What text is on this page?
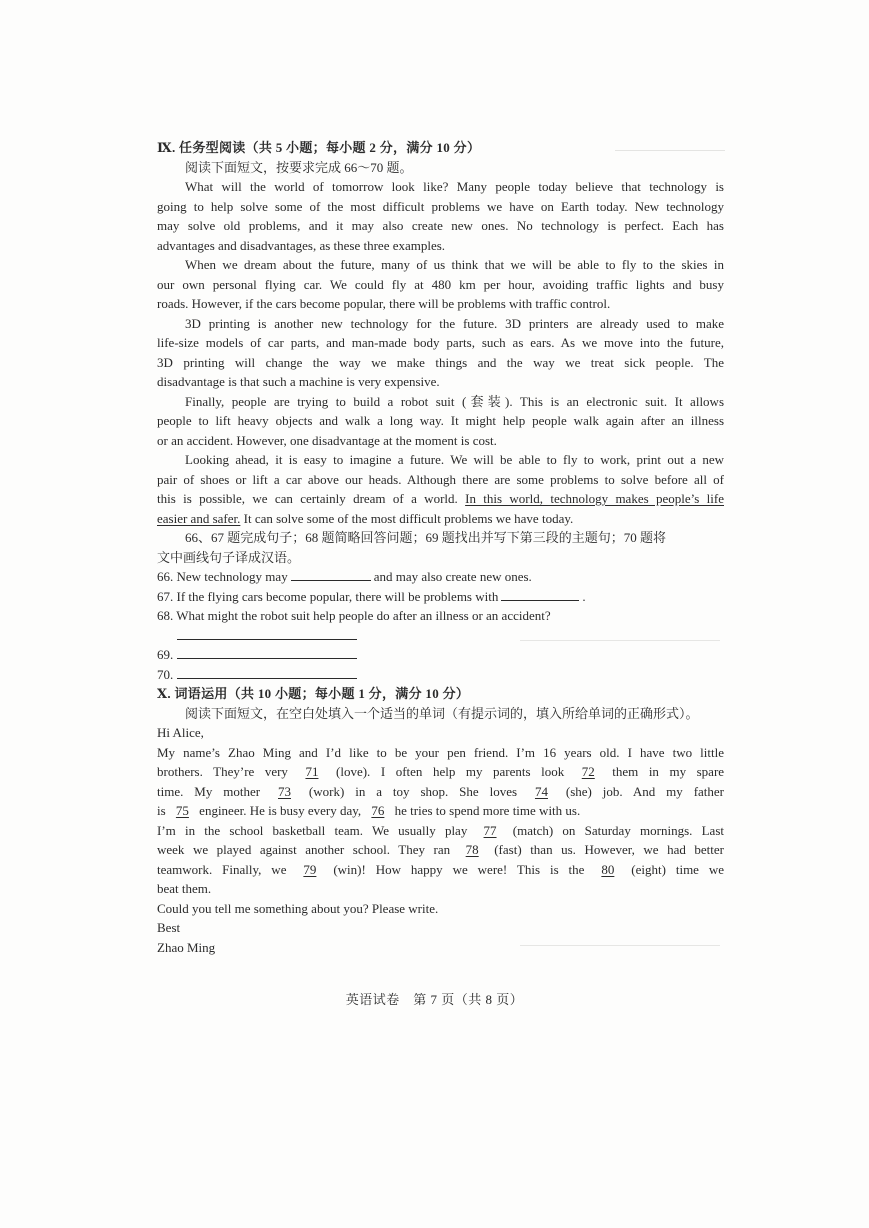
Ⅸ. 任务型阅读（共 5 小题；每小题 2 分，满分 10 分）
阅读下面短文，按要求完成 66～70 题。
What will the world of tomorrow look like? Many people today believe that technology is
going to help solve some of the most difficult problems we have on Earth today. New technology
may solve old problems, and it may also create new ones. No technology is perfect. Each has
advantages and disadvantages, as these three examples.
When we dream about the future, many of us think that we will be able to fly to the skies in
our own personal flying car. We could fly at 480 km per hour, avoiding traffic lights and busy
roads. However, if the cars become popular, there will be problems with traffic control.
3D printing is another new technology for the future. 3D printers are already used to make
life-size models of car parts, and man-made body parts, such as ears. As we move into the future,
3D printing will change the way we make things and the way we treat sick people. The
disadvantage is that such a machine is very expensive.
Finally, people are trying to build a robot suit (套装). This is an electronic suit. It allows
people to lift heavy objects and walk a long way. It might help people walk again after an illness
or an accident. However, one disadvantage at the moment is cost.
Looking ahead, it is easy to imagine a future. We will be able to fly to work, print out a new
pair of shoes or lift a car above our heads. Although there are some problems to solve before all of
this is possible, we can certainly dream of a world. In this world, technology makes people’s life
easier and safer. It can solve some of the most difficult problems we have today.
66、67 题完成句子；68 题简略回答问题；69 题找出并写下第三段的主题句；70 题将
文中画线句子译成汉语。
66. New technology may	and may also create new ones.
67. If the flying cars become popular, there will be problems with	.
68. What might the robot suit help people do after an illness or an accident?
69.
70.
Ⅹ. 词语运用（共 10 小题；每小题 1 分，满分 10 分）
阅读下面短文，在空白处填入一个适当的单词（有提示词的，填入所给单词的正确形式）。
Hi Alice,
My name’s Zhao Ming and I’d like to be your pen friend. I’m 16 years old. I have two little
brothers. They’re very 71 (love). I often help my parents look 72 them in my spare
time. My mother 73 (work) in a toy shop. She loves 74 (she) job. And my father
is 75 engineer. He is busy every day, 76 he tries to spend more time with us.
I’m in the school basketball team. We usually play 77 (match) on Saturday mornings. Last
week we played against another school. They ran 78 (fast) than us. However, we had better
teamwork. Finally, we 79 (win)! How happy we were! This is the 80 (eight) time we
beat them.
Could you tell me something about you? Please write.
Best
Zhao Ming
英语试卷　第 7 页（共 8 页）
